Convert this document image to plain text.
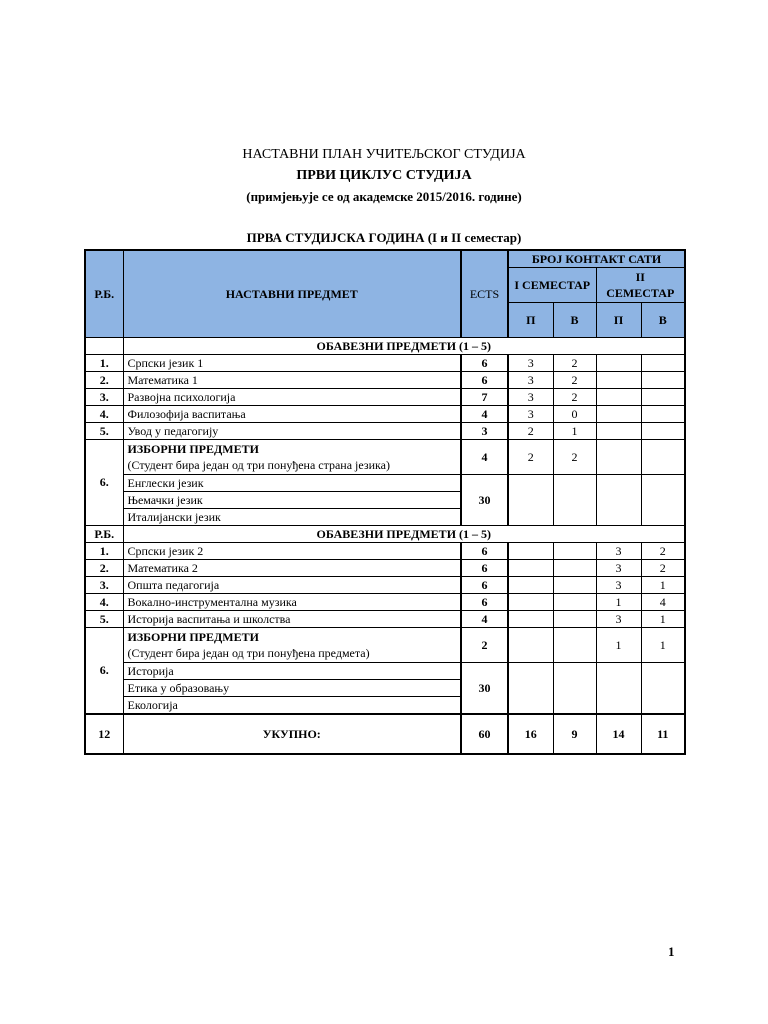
НАСТАВНИ ПЛАН УЧИТЕЉСКОГ СТУДИЈА
ПРВИ ЦИКЛУС СТУДИЈА
(примјењује се од академске 2015/2016. године)
ПРВА СТУДИЈСКА ГОДИНА (I и II семестар)
Р.Б.	НАСТАВНИ ПРЕДМЕТ	ECTS	БРОЈ КОНТАКТ САТИ			
			I СЕМЕСТАР		II СЕМЕСТАР	
			П	В	П	В
	ОБАВЕЗНИ ПРЕДМЕТИ (1 – 5)					
1.	Српски језик 1	6	3	2		
2.	Математика 1	6	3	2		
3.	Развојна психологија	7	3	2		
4.	Филозофија васпитања	4	3	0		
5.	Увод у педагогију	3	2	1		
6.	ИЗБОРНИ ПРЕДМЕТИ
(Студент бира један од три понуђена страна језика)	4	2	2		
	Енглески језик	30				
	Њемачки језик					
	Италијански језик					
Р.Б.	ОБАВЕЗНИ ПРЕДМЕТИ (1 – 5)					
1.	Српски језик 2	6			3	2
2.	Математика 2	6			3	2
3.	Општа педагогија	6			3	1
4.	Вокално-инструментална музика	6			1	4
5.	Историја васпитања и школства	4			3	1
6.	ИЗБОРНИ ПРЕДМЕТИ
(Студент бира један од три понуђена предмета)	2			1	1
	Историја	30				
	Етика у образовању					
	Екологија					
12	УКУПНО:	60	16	9	14	11
1
